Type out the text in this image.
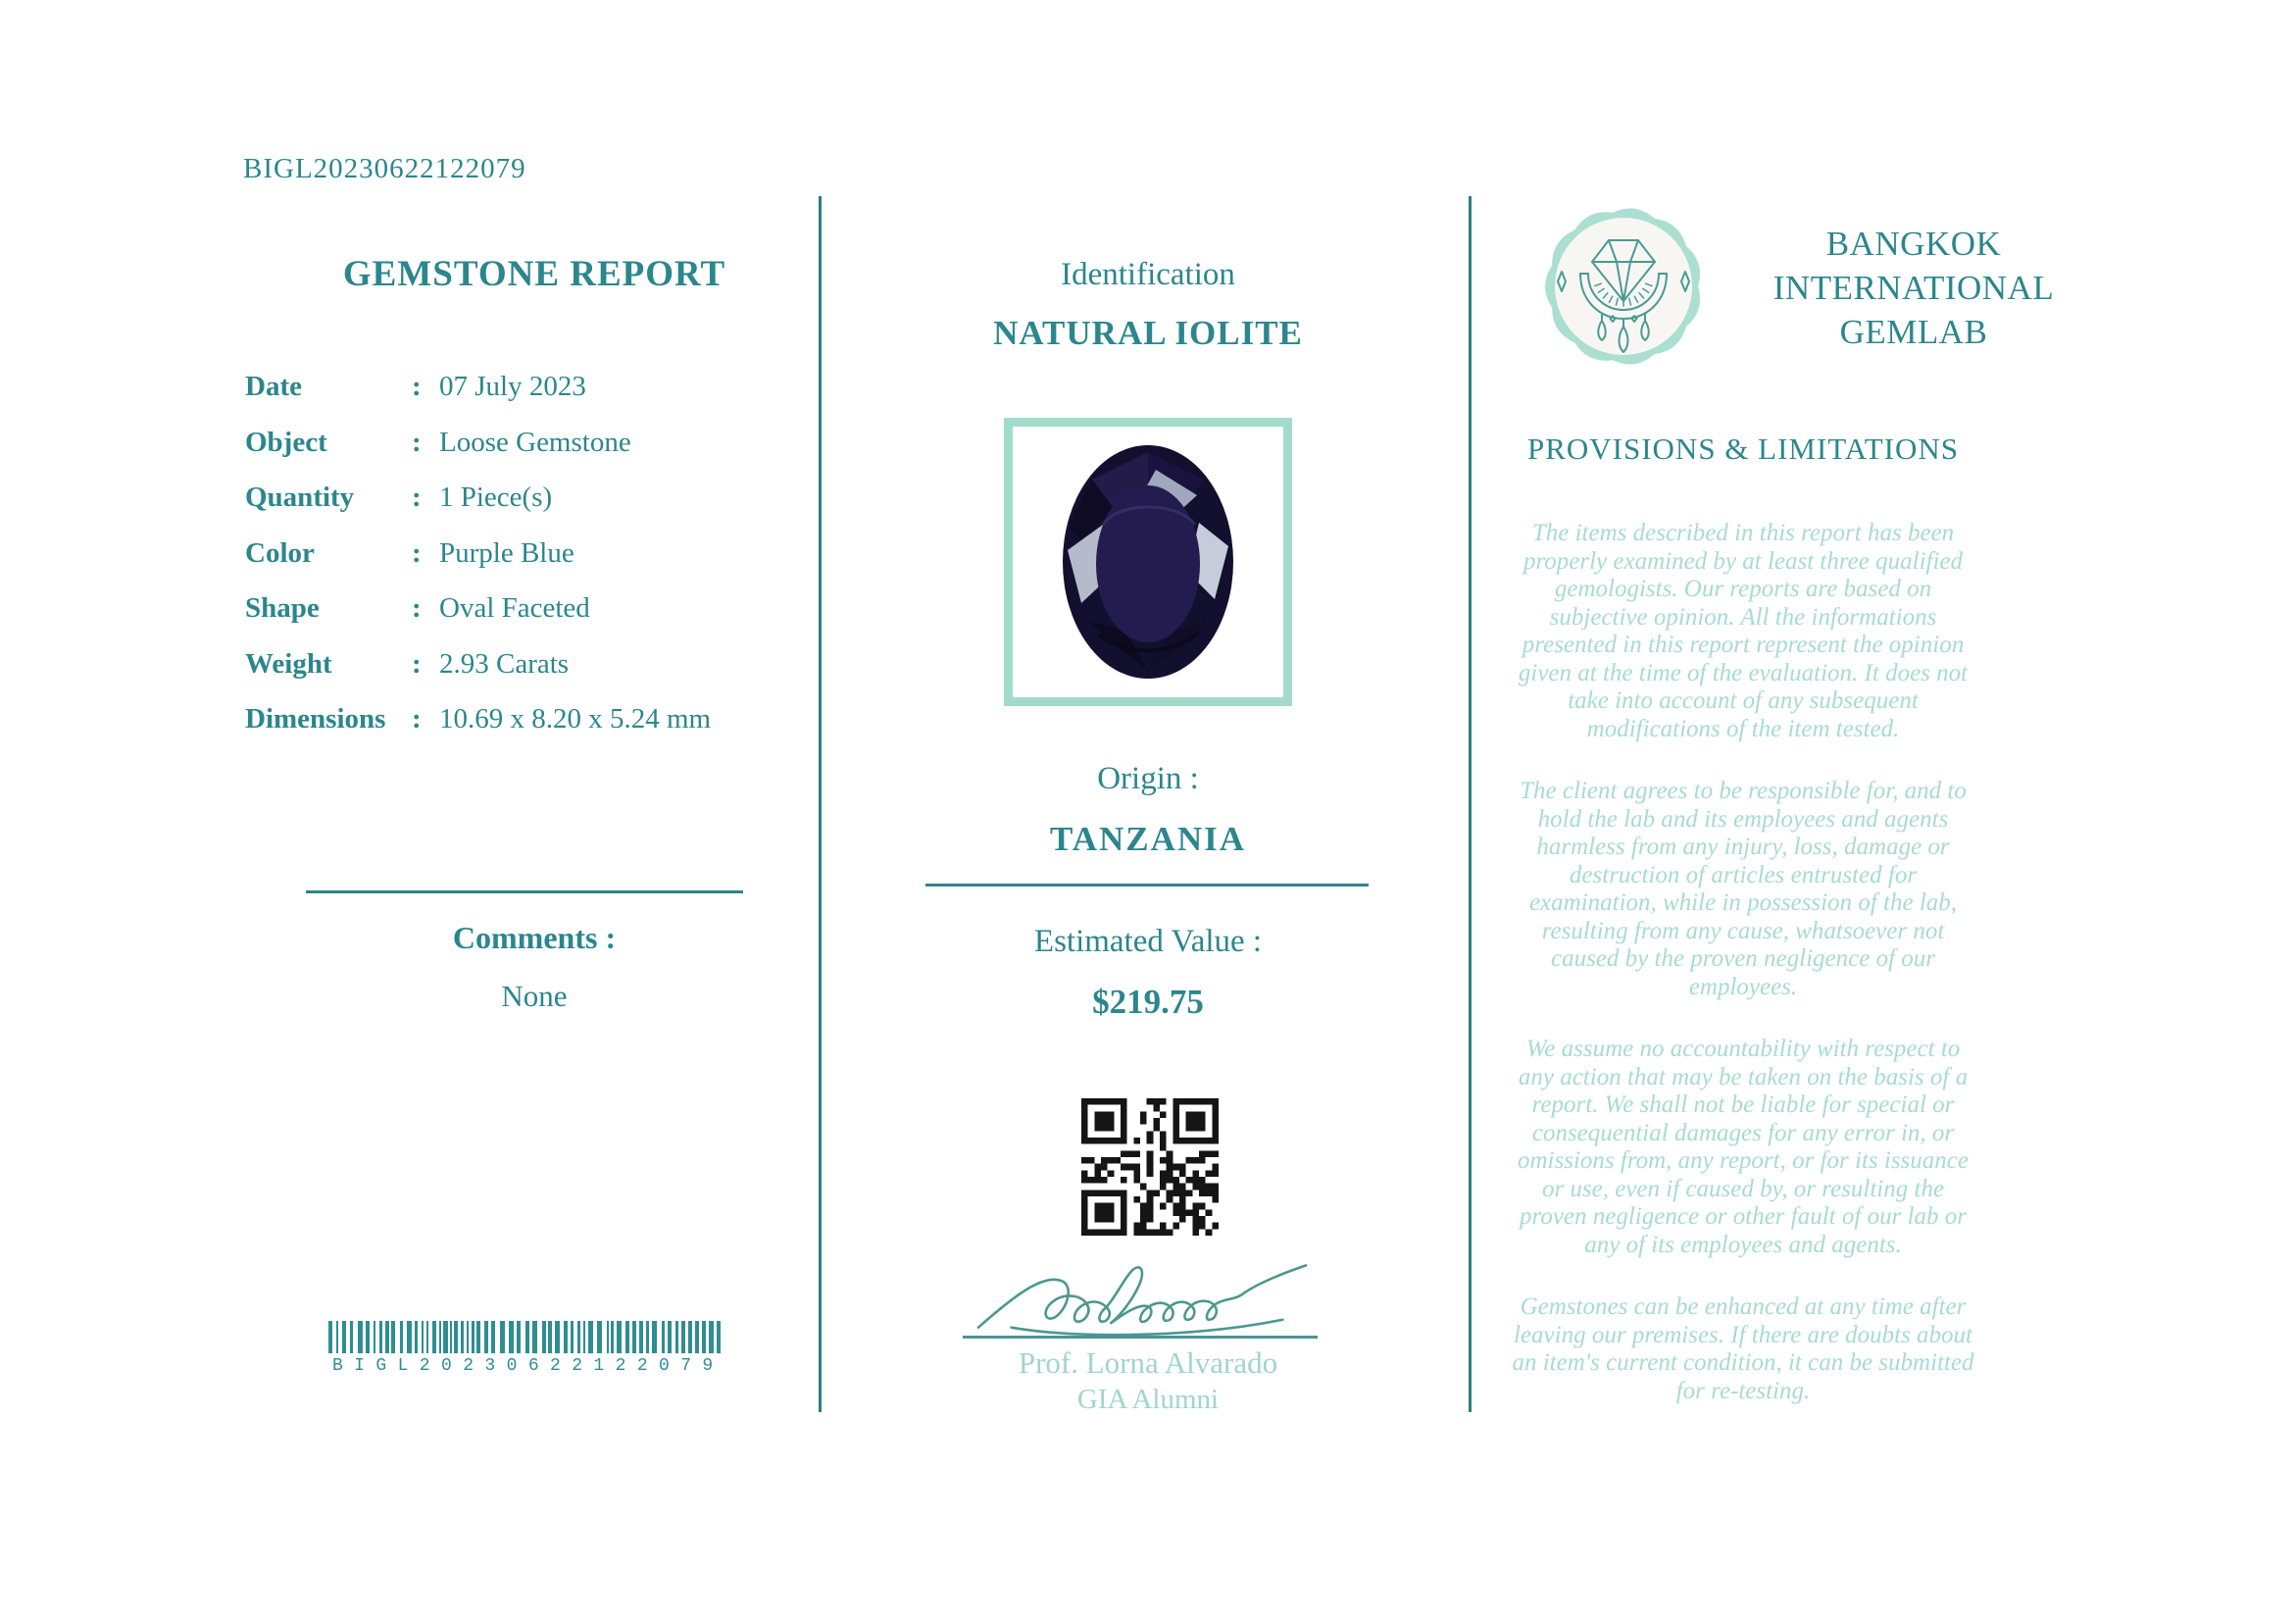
BIGL20230622122079
GEMSTONE REPORT
Date	: 07 July 2023
Object	: Loose Gemstone
Quantity	: 1 Piece(s)
Color	: Purple Blue
Shape	: Oval Faceted
Weight	: 2.93 Carats
Dimensions : 10.69 x 8.20 x 5.24 mm
Comments :
None
BIGL20230622122079
Identification
NATURAL IOLITE
Origin :
TANZANIA
Estimated Value :
$219.75
Prof. Lorna Alvarado
GIA Alumni
BANGKOK INTERNATIONAL GEMLAB
PROVISIONS & LIMITATIONS

The items described in this report has been properly examined by at least three qualified gemologists. Our reports are based on subjective opinion. All the informations presented in this report represent the opinion given at the time of the evaluation. It does not take into account of any subsequent modifications of the item tested.

The client agrees to be responsible for, and to hold the lab and its employees and agents harmless from any injury, loss, damage or destruction of articles entrusted for examination, while in possession of the lab, resulting from any cause, whatsoever not caused by the proven negligence of our employees.

We assume no accountability with respect to any action that may be taken on the basis of a report. We shall not be liable for special or consequential damages for any error in, or omissions from, any report, or for its issuance or use, even if caused by, or resulting the proven negligence or other fault of our lab or any of its employees and agents.

Gemstones can be enhanced at any time after leaving our premises. If there are doubts about an item's current condition, it can be submitted for re-testing.
